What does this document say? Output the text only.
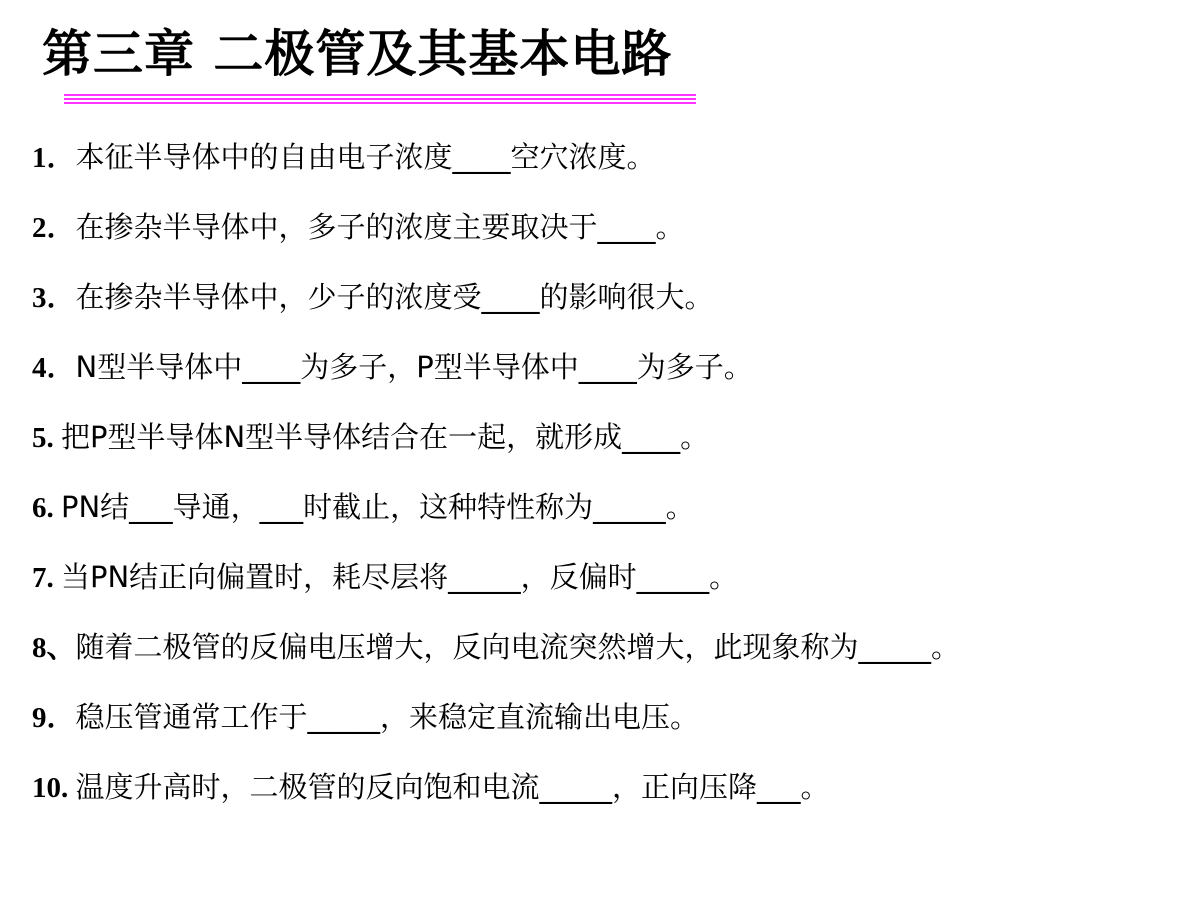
第三章 二极管及其基本电路
1．本征半导体中的自由电子浓度____空穴浓度。
2．在掺杂半导体中，多子的浓度主要取决于____。
3．在掺杂半导体中，少子的浓度受____的影响很大。
4．N型半导体中____为多子，P型半导体中____为多子。
5. 把P型半导体N型半导体结合在一起，就形成____。
6. PN结___导通，___时截止，这种特性称为_____。
7. 当PN结正向偏置时，耗尽层将_____，反偏时_____。
8、随着二极管的反偏电压增大，反向电流突然增大，此现象称为_____。
9．稳压管通常工作于_____，来稳定直流输出电压。
10. 温度升高时，二极管的反向饱和电流_____，正向压降___。
